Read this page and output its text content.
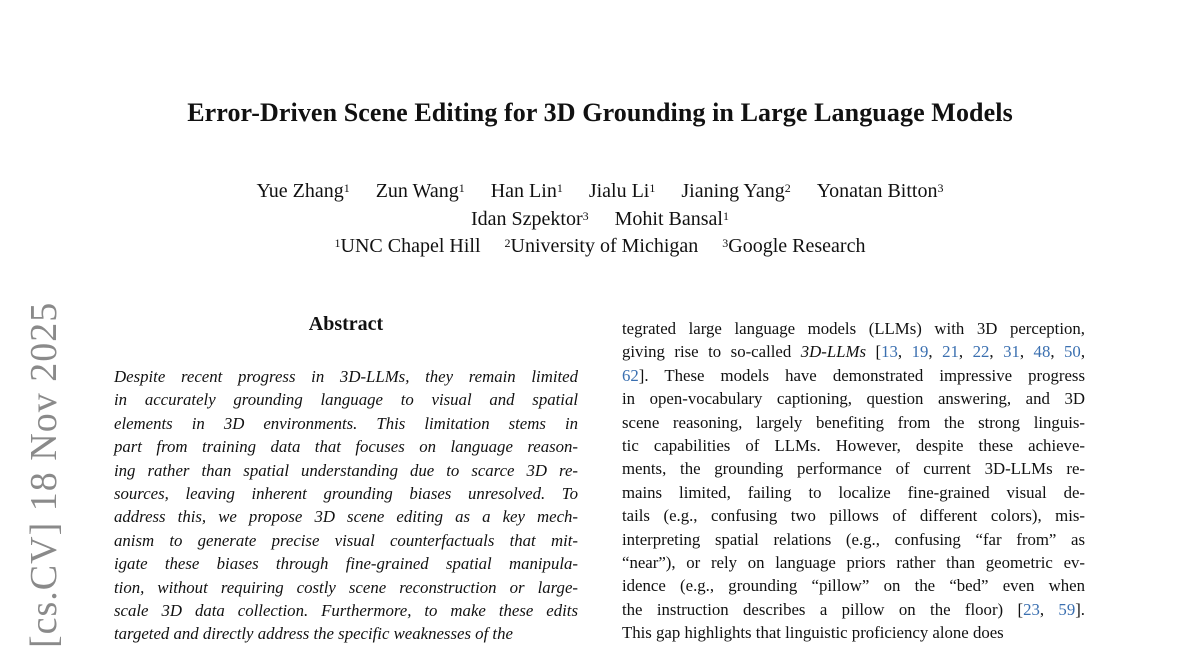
Error-Driven Scene Editing for 3D Grounding in Large Language Models
Yue Zhang$^1$ Zun Wang$^1$ Han Lin$^1$ Jialu Li$^1$ Jianing Yang$^2$ Yonatan Bitton$^3$
Idan Szpektor$^3$ Mohit Bansal$^1$
$^1$UNC Chapel Hill $^2$University of Michigan $^3$Google Research
Abstract
Despite recent progress in 3D-LLMs, they remain limited
in accurately grounding language to visual and spatial
elements in 3D environments. This limitation stems in
part from training data that focuses on language reason-
ing rather than spatial understanding due to scarce 3D re-
sources, leaving inherent grounding biases unresolved. To
address this, we propose 3D scene editing as a key mech-
anism to generate precise visual counterfactuals that mit-
igate these biases through fine-grained spatial manipula-
tion, without requiring costly scene reconstruction or large-
scale 3D data collection. Furthermore, to make these edits
targeted and directly address the specific weaknesses of the
tegrated large language models (LLMs) with 3D perception,
giving rise to so-called 3D-LLMs [13, 19, 21, 22, 31, 48, 50,
62]. These models have demonstrated impressive progress
in open-vocabulary captioning, question answering, and 3D
scene reasoning, largely benefiting from the strong linguis-
tic capabilities of LLMs. However, despite these achieve-
ments, the grounding performance of current 3D-LLMs re-
mains limited, failing to localize fine-grained visual de-
tails (e.g., confusing two pillows of different colors), mis-
interpreting spatial relations (e.g., confusing “far from” as
“near”), or rely on language priors rather than geometric ev-
idence (e.g., grounding “pillow” on the “bed” even when
the instruction describes a pillow on the floor) [23, 59].
This gap highlights that linguistic proficiency alone does
[cs.CV] 18 Nov 2025
